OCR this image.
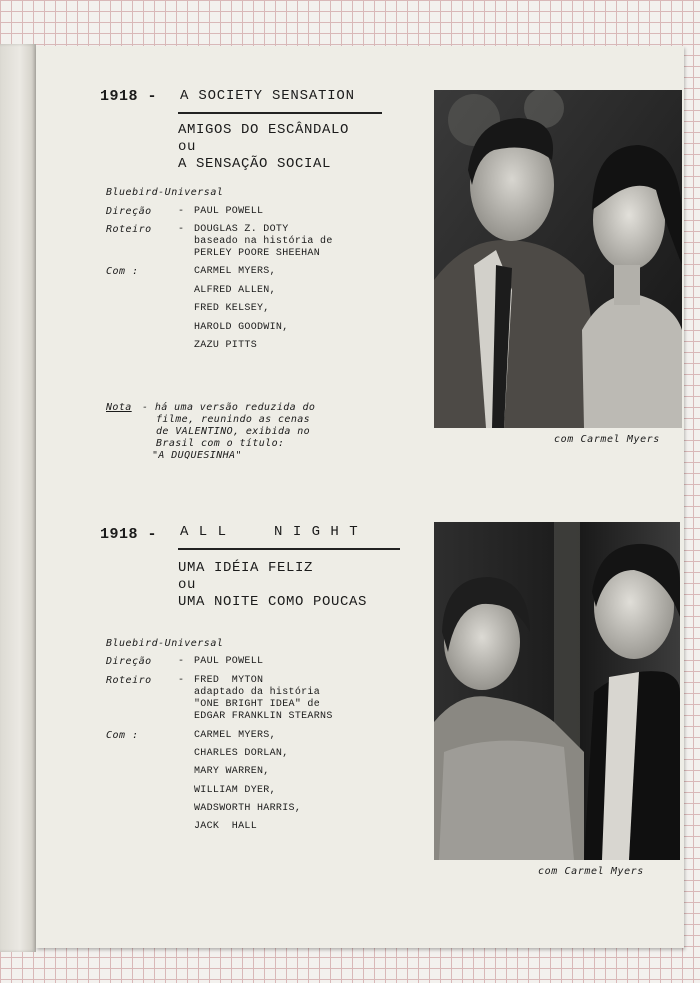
1918 - A SOCIETY SENSATION
AMIGOS DO ESCÂNDALO
ou
A SENSAÇÃO SOCIAL
Bluebird-Universal
Direção	- PAUL POWELL
Roteiro	- DOUGLAS Z. DOTY
baseado na história de
PERLEY POORE SHEEHAN
Com :	CARMEL MYERS,
ALFRED ALLEN,
FRED KELSEY,
HAROLD GOODWIN,
ZAZU PITTS
Nota - há uma versão reduzida do
filme, reunindo as cenas
de VALENTINO, exibida no
Brasil com o título:
"A DUQUESINHA"
com Carmel Myers
1918 - A L L     N I G H T
UMA IDÉIA FELIZ
ou
UMA NOITE COMO POUCAS
Bluebird-Universal
Direção	- PAUL POWELL
Roteiro	- FRED  MYTON
adaptado da história
"ONE BRIGHT IDEA" de
EDGAR FRANKLIN STEARNS
Com :	CARMEL MYERS,
CHARLES DORLAN,
MARY WARREN,
WILLIAM DYER,
WADSWORTH HARRIS,
JACK  HALL
com Carmel Myers
